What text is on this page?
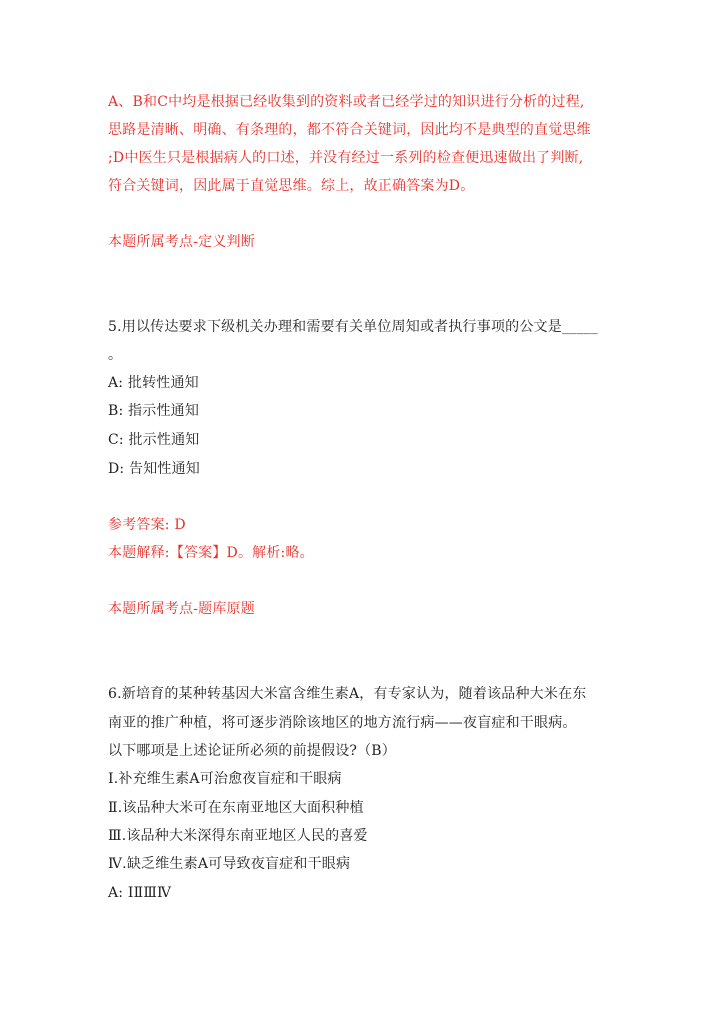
A、B和C中均是根据已经收集到的资料或者已经学过的知识进行分析的过程,
思路是清晰、明确、有条理的，都不符合关键词，因此均不是典型的直觉思维
;D中医生只是根据病人的口述，并没有经过一系列的检查便迅速做出了判断,
符合关键词，因此属于直觉思维。综上，故正确答案为D。
本题所属考点-定义判断
5.用以传达要求下级机关办理和需要有关单位周知或者执行事项的公文是_____
。
A: 批转性通知
B: 指示性通知
C: 批示性通知
D: 告知性通知
参考答案: D
本题解释:【答案】D。解析:略。
本题所属考点-题库原题
6.新培育的某种转基因大米富含维生素A，有专家认为，随着该品种大米在东
南亚的推广种植，将可逐步消除该地区的地方流行病——夜盲症和干眼病。
以下哪项是上述论证所必须的前提假设?（B）
Ⅰ.补充维生素A可治愈夜盲症和干眼病
Ⅱ.该品种大米可在东南亚地区大面积种植
Ⅲ.该品种大米深得东南亚地区人民的喜爱
Ⅳ.缺乏维生素A可导致夜盲症和干眼病
A: ⅠⅡⅢⅣ
